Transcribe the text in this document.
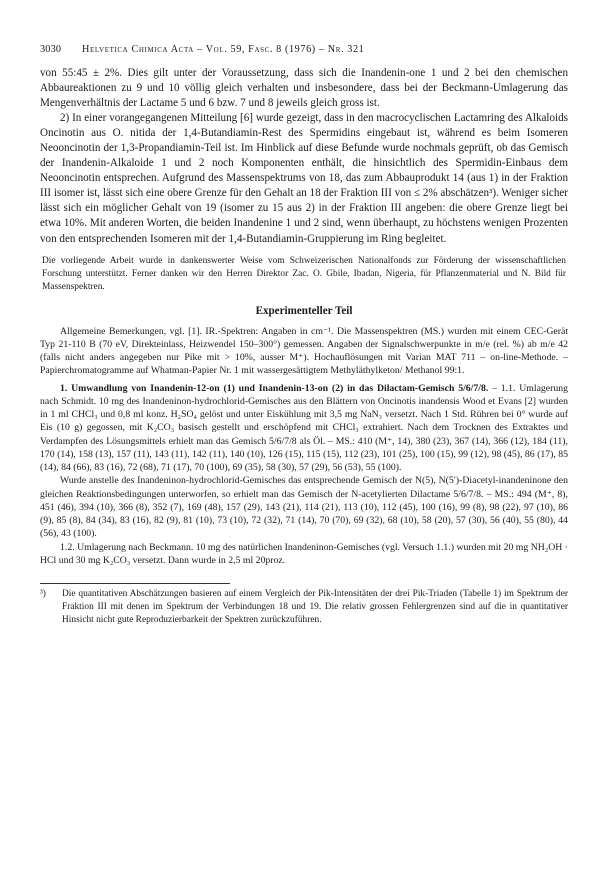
3030 Helvetica Chimica Acta – Vol. 59, Fasc. 8 (1976) – Nr. 321

von 55:45 ± 2%. Dies gilt unter der Voraussetzung, dass sich die Inandenin-one 1 und 2 bei den chemischen Abbaureaktionen zu 9 und 10 völlig gleich verhalten und insbesondere, dass bei der Beckmann-Umlagerung das Mengenverhältnis der Lactame 5 und 6 bzw. 7 und 8 jeweils gleich gross ist.

2) In einer vorangegangenen Mitteilung [6] wurde gezeigt, dass in den macrocyclischen Lactamring des Alkaloids Oncinotin aus O. nitida der 1,4-Butandiamin-Rest des Spermidins eingebaut ist, während es beim Isomeren Neooncinotin der 1,3-Propandiamin-Teil ist. Im Hinblick auf diese Befunde wurde nochmals geprüft, ob das Gemisch der Inandenin-Alkaloide 1 und 2 noch Komponenten enthält, die hinsichtlich des Spermidin-Einbaus dem Neooncinotin entsprechen. Aufgrund des Massenspektrums von 18, das zum Abbauprodukt 14 (aus 1) in der Fraktion III isomer ist, lässt sich eine obere Grenze für den Gehalt an 18 der Fraktion III von ≤ 2% abschätzen³). Weniger sicher lässt sich ein möglicher Gehalt von 19 (isomer zu 15 aus 2) in der Fraktion III angeben: die obere Grenze liegt bei etwa 10%. Mit anderen Worten, die beiden Inandenine 1 und 2 sind, wenn überhaupt, zu höchstens wenigen Prozenten von den entsprechenden Isomeren mit der 1,4-Butandiamin-Gruppierung im Ring begleitet.

Die vorliegende Arbeit wurde in dankenswerter Weise vom Schweizerischen Nationalfonds zur Förderung der wissenschaftlichen Forschung unterstützt. Ferner danken wir den Herren Direktor Zac. O. Gbile, Ibadan, Nigeria, für Pflanzenmaterial und N. Bild für Massenspektren.

Experimenteller Teil

Allgemeine Bemerkungen, vgl. [1]. IR.-Spektren: Angaben in cm⁻¹. Die Massenspektren (MS.) wurden mit einem CEC-Gerät Typ 21-110 B (70 eV, Direkteinlass, Heizwendel 150–300°) gemessen. Angaben der Signalschwerpunkte in m/e (rel. %) ab m/e 42 (falls nicht anders angegeben nur Pike mit > 10%, ausser M⁺). Hochauflösungen mit Varian MAT 711 – on-line-Methode. – Papierchromatogramme auf Whatman-Papier Nr. 1 mit wassergesättigtem Methyläthylketon/ Methanol 99:1.

1. Umwandlung von Inandenin-12-on (1) und Inandenin-13-on (2) in das Dilactam-Gemisch 5/6/7/8. – 1.1. Umlagerung nach Schmidt. 10 mg des Inandeninon-hydrochlorid-Gemisches aus den Blättern von Oncinotis inandensis Wood et Evans [2] wurden in 1 ml CHCl₃ und 0,8 ml konz. H₂SO₄ gelöst und unter Eiskühlung mit 3,5 mg NaN₃ versetzt. Nach 1 Std. Rühren bei 0° wurde auf Eis (10 g) gegossen, mit K₂CO₃ basisch gestellt und erschöpfend mit CHCl₃ extrahiert. Nach dem Trocknen des Extraktes und Verdampfen des Lösungsmittels erhielt man das Gemisch 5/6/7/8 als Öl. – MS.: 410 (M⁺, 14), 380 (23), 367 (14), 366 (12), 184 (11), 170 (14), 158 (13), 157 (11), 143 (11), 142 (11), 140 (10), 126 (15), 115 (15), 112 (23), 101 (25), 100 (15), 99 (12), 98 (45), 86 (17), 85 (14), 84 (66), 83 (16), 72 (68), 71 (17), 70 (100), 69 (35), 58 (30), 57 (29), 56 (53), 55 (100).

Wurde anstelle des Inandeninon-hydrochlorid-Gemisches das entsprechende Gemisch der N(5), N(5′)-Diacetyl-inandeninone den gleichen Reaktionsbedingungen unterworfen, so erhielt man das Gemisch der N-acetylierten Dilactame 5/6/7/8. – MS.: 494 (M⁺, 8), 451 (46), 394 (10), 366 (8), 352 (7), 169 (48), 157 (29), 143 (21), 114 (21), 113 (10), 112 (45), 100 (16), 99 (8), 98 (22), 97 (10), 86 (9), 85 (8), 84 (34), 83 (16), 82 (9), 81 (10), 73 (10), 72 (32), 71 (14), 70 (70), 69 (32), 68 (10), 58 (20), 57 (30), 56 (40), 55 (80), 44 (56), 43 (100).

1.2. Umlagerung nach Beckmann. 10 mg des natürlichen Inandeninon-Gemisches (vgl. Versuch 1.1.) wurden mit 20 mg NH₂OH · HCl und 30 mg K₂CO₃ versetzt. Dann wurde in 2,5 ml 20proz.

³)	Die quantitativen Abschätzungen basieren auf einem Vergleich der Pik-Intensitäten der drei Pik-Triaden (Tabelle 1) im Spektrum der Fraktion III mit denen im Spektrum der Verbindungen 18 und 19. Die relativ grossen Fehlergrenzen sind auf die in quantitativer Hinsicht nicht gute Reproduzierbarkeit der Spektren zurückzuführen.
